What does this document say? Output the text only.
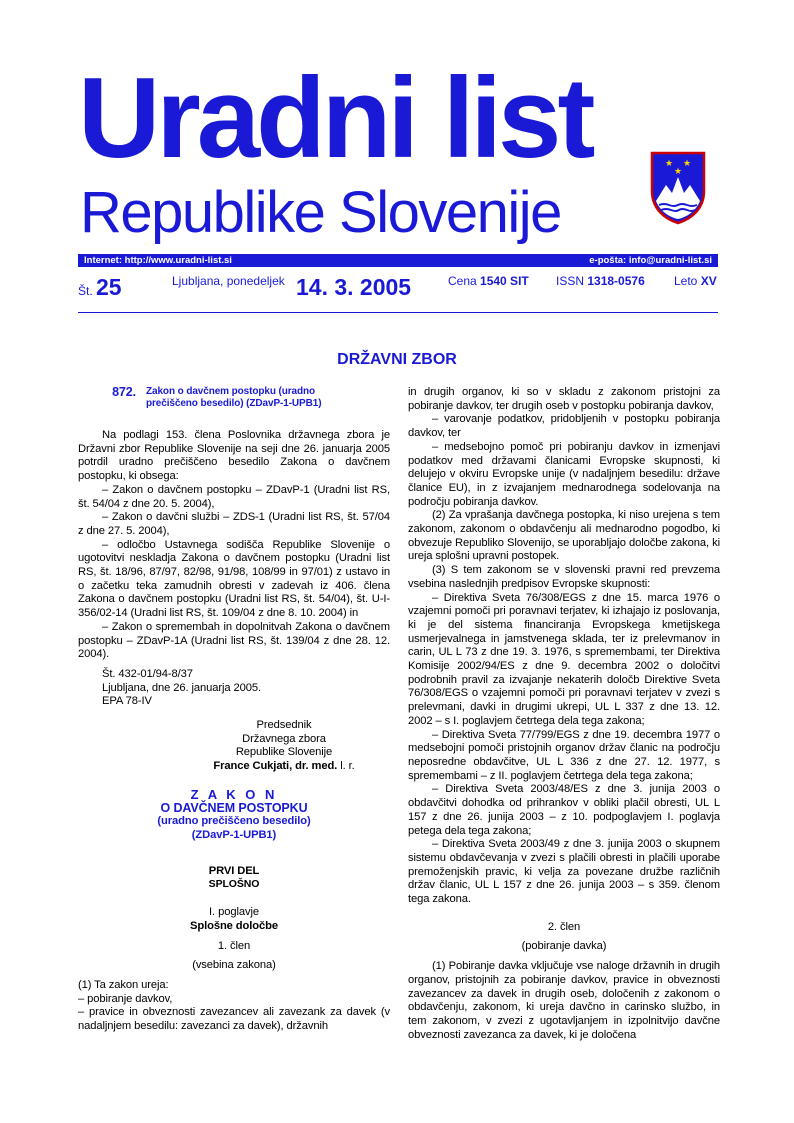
Uradni list
Republike Slovenije
★ ★
★
Internet: http://www.uradni-list.si	e-pošta: info@uradni-list.si
Št. 25	Ljubljana, ponedeljek 14. 3. 2005	Cena 1540 SIT ISSN 1318-0576 Leto XV
DRŽAVNI ZBOR
872. Zakon o davčnem postopku (uradno
prečiščeno besedilo) (ZDavP-1-UPB1)

Na podlagi 153. člena Poslovnika državnega zbora je Državni zbor Republike Slovenije na seji dne 26. januarja 2005 potrdil uradno prečiščeno besedilo Zakona o davčnem postopku, ki obsega:

– Zakon o davčnem postopku – ZDavP-1 (Uradni list RS, št. 54/04 z dne 20. 5. 2004),

– Zakon o davčni službi – ZDS-1 (Uradni list RS, št. 57/04 z dne 27. 5. 2004),

– odločbo Ustavnega sodišča Republike Slovenije o ugotovitvi neskladja Zakona o davčnem postopku (Uradni list RS, št. 18/96, 87/97, 82/98, 91/98, 108/99 in 97/01) z ustavo in o začetku teka zamudnih obresti v zadevah iz 406. člena Zakona o davčnem postopku (Uradni list RS, št. 54/04), št. U-I-356/02-14 (Uradni list RS, št. 109/04 z dne 8. 10. 2004) in

– Zakon o spremembah in dopolnitvah Zakona o davčnem postopku – ZDavP-1A (Uradni list RS, št. 139/04 z dne 28. 12. 2004).

Št. 432-01/94-8/37

Ljubljana, dne 26. januarja 2005.

EPA 78-IV

Predsednik

Državnega zbora

Republike Slovenije

France Cukjati, dr. med. l. r.

Z A K O N

O DAVČNEM POSTOPKU

(uradno prečiščeno besedilo)

(ZDavP-1-UPB1)

PRVI DEL

SPLOŠNO

I. poglavje

Splošne določbe

1. člen

(vsebina zakona)

(1) Ta zakon ureja:

– pobiranje davkov,

– pravice in obveznosti zavezancev ali zavezank za davek (v nadaljnjem besedilu: zavezanci za davek), državnih

in drugih organov, ki so v skladu z zakonom pristojni za pobiranje davkov, ter drugih oseb v postopku pobiranja davkov,

– varovanje podatkov, pridobljenih v postopku pobiranja davkov, ter

– medsebojno pomoč pri pobiranju davkov in izmenjavi podatkov med državami članicami Evropske skupnosti, ki delujejo v okviru Evropske unije (v nadaljnjem besedilu: države članice EU), in z izvajanjem mednarodnega sodelovanja na področju pobiranja davkov.

(2) Za vprašanja davčnega postopka, ki niso urejena s tem zakonom, zakonom o obdavčenju ali mednarodno pogodbo, ki obvezuje Republiko Slovenijo, se uporabljajo določbe zakona, ki ureja splošni upravni postopek.

(3) S tem zakonom se v slovenski pravni red prevzema vsebina naslednjih predpisov Evropske skupnosti:

– Direktiva Sveta 76/308/EGS z dne 15. marca 1976 o vzajemni pomoči pri poravnavi terjatev, ki izhajajo iz poslovanja, ki je del sistema financiranja Evropskega kmetijskega usmerjevalnega in jamstvenega sklada, ter iz prelevmanov in carin, UL L 73 z dne 19. 3. 1976, s spremembami, ter Direktiva Komisije 2002/94/ES z dne 9. decembra 2002 o določitvi podrobnih pravil za izvajanje nekaterih določb Direktive Sveta 76/308/EGS o vzajemni pomoči pri poravnavi terjatev v zvezi s prelevmani, davki in drugimi ukrepi, UL L 337 z dne 13. 12. 2002 – s I. poglavjem četrtega dela tega zakona;

– Direktiva Sveta 77/799/EGS z dne 19. decembra 1977 o medsebojni pomoči pristojnih organov držav članic na področju neposredne obdavčitve, UL L 336 z dne 27. 12. 1977, s spremembami – z II. poglavjem četrtega dela tega zakona;

– Direktiva Sveta 2003/48/ES z dne 3. junija 2003 o obdavčitvi dohodka od prihrankov v obliki plačil obresti, UL L 157 z dne 26. junija 2003 – z 10. podpoglavjem I. poglavja petega dela tega zakona;

– Direktiva Sveta 2003/49 z dne 3. junija 2003 o skupnem sistemu obdavčevanja v zvezi s plačili obresti in plačili uporabe premoženjskih pravic, ki velja za povezane družbe različnih držav članic, UL L 157 z dne 26. junija 2003 – s 359. členom tega zakona.

2. člen

(pobiranje davka)

(1) Pobiranje davka vključuje vse naloge državnih in drugih organov, pristojnih za pobiranje davkov, pravice in obveznosti zavezancev za davek in drugih oseb, določenih z zakonom o obdavčenju, zakonom, ki ureja davčno in carinsko službo, in tem zakonom, v zvezi z ugotavljanjem in izpolnitvijo davčne obveznosti zavezanca za davek, ki je določena
